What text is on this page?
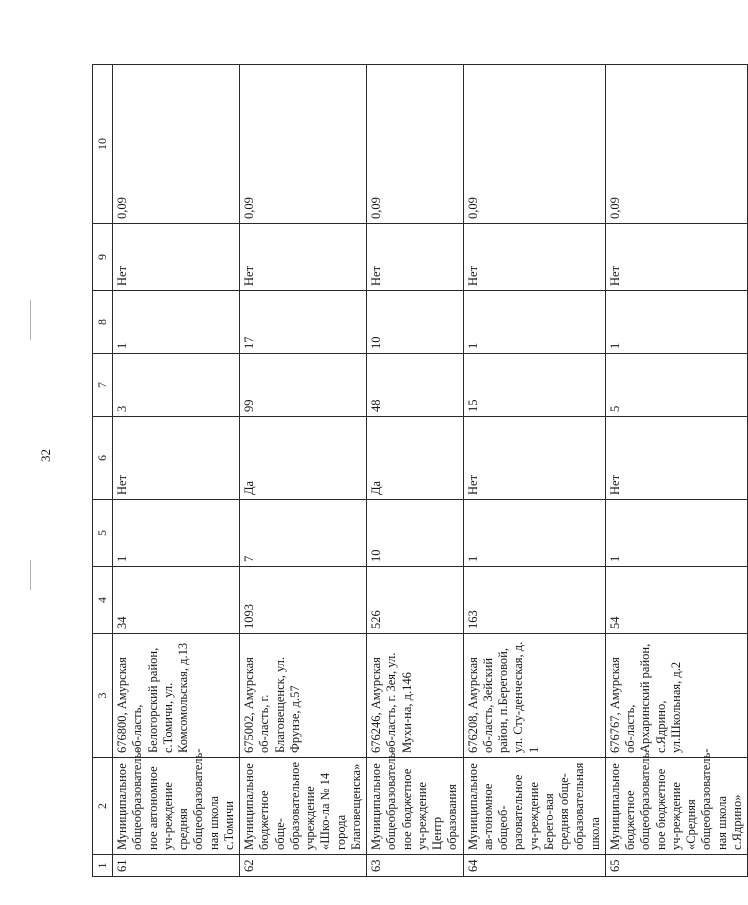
32
1	2	3	4	5	6	7	8	9	10
61	Муниципальное общеобразователь-ное автономное уч-реждение средняя общеобразователь-ная школа с.Томичи	676800, Амурская об-ласть, Белогорский район, с.Томичи, ул. Комсомольская, д.13	34	1	Нет	3	1	Нет	0,09
62	Муниципальное бюджетное обще-образовательное учреждение «Шко-ла № 14 города Благовещенска»	675002, Амурская об-ласть, г. Благовещенск, ул. Фрунзе, д.57	1093	7	Да	99	17	Нет	0,09
63	Муниципальное общеобразователь-ное бюджетное уч-реждение Центр образования	676246, Амурская об-ласть, г. Зея, ул. Мухи-на, д.146	526	10	Да	48	10	Нет	0,09
64	Муниципальное ав-тономное общеоб-разовательное уч-реждение Берего-вая средняя обще-образовательная школа	676208, Амурская об-ласть, Зейский район, п.Береговой, ул. Сту-денческая, д. 1	163	1	Нет	15	1	Нет	0,09
65	Муниципальное бюджетное общеобразователь-ное бюджетное уч-реждение «Средняя общеобразователь-ная школа с.Ядрино»	676767, Амурская об-ласть, Архаринский район, с.Ядрино, ул.Школьная, д.2	54	1	Нет	5	1	Нет	0,09
